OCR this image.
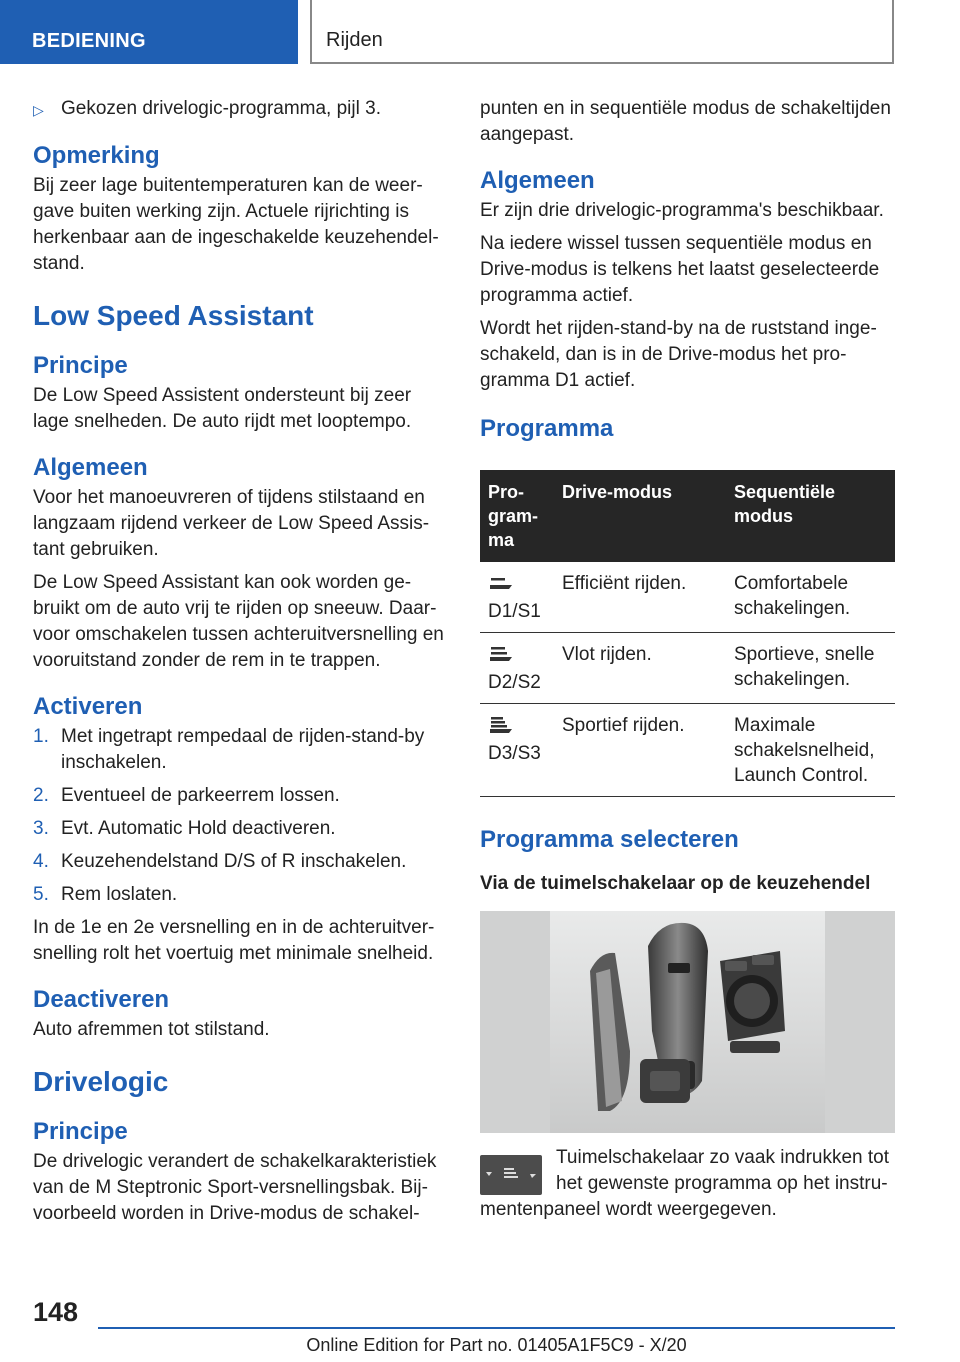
BEDIENING	Rijden
▷ Gekozen drivelogic-programma, pijl 3.
Opmerking

Bij zeer lage buitentemperaturen kan de weergave buiten werking zijn. Actuele rijrichting is herkenbaar aan de ingeschakelde keuzehendelstand.

Low Speed Assistant
Principe

De Low Speed Assistent ondersteunt bij zeer lage snelheden. De auto rijdt met looptempo.

Algemeen

Voor het manoeuvreren of tijdens stilstaand en langzaam rijdend verkeer de Low Speed Assistant gebruiken.

De Low Speed Assistant kan ook worden gebruikt om de auto vrij te rijden op sneeuw. Daarvoor omschakelen tussen achteruitversnelling en vooruitstand zonder de rem in te trappen.

Activeren
1. Met ingetrapt rempedaal de rijden-stand-by inschakelen.
2. Eventueel de parkeerrem lossen.
3. Evt. Automatic Hold deactiveren.
4. Keuzehendelstand D/S of R inschakelen.
5. Rem loslaten.

In de 1e en 2e versnelling en in de achteruitversnelling rolt het voertuig met minimale snelheid.

Deactiveren

Auto afremmen tot stilstand.

Drivelogic
Principe

De drivelogic verandert de schakelkarakteristiek van de M Steptronic Sport-versnellingsbak. Bijvoorbeeld worden in Drive-modus de schakel-

punten en in sequentiële modus de schakeltijden aangepast.

Algemeen

Er zijn drie drivelogic-programma's beschikbaar.

Na iedere wissel tussen sequentiële modus en Drive-modus is telkens het laatst geselecteerde programma actief.

Wordt het rijden-stand-by na de ruststand ingeschakeld, dan is in de Drive-modus het programma D1 actief.

Programma
Programma	Drive-modus	Sequentiële modus

D1/S1	Efficiënt rijden.	Comfortabele schakelingen.

D2/S2	Vlot rijden.	Sportieve, snelle schakelingen.

D3/S3	Sportief rijden.	Maximale schakelsnelheid, Launch Control.
Programma selecteren
Via de tuimelschakelaar op de keuzehendel

Tuimelschakelaar zo vaak indrukken tot het gewenste programma op het instrumentenpaneel wordt weergegeven.

148
Online Edition for Part no. 01405A1F5C9 - X/20
